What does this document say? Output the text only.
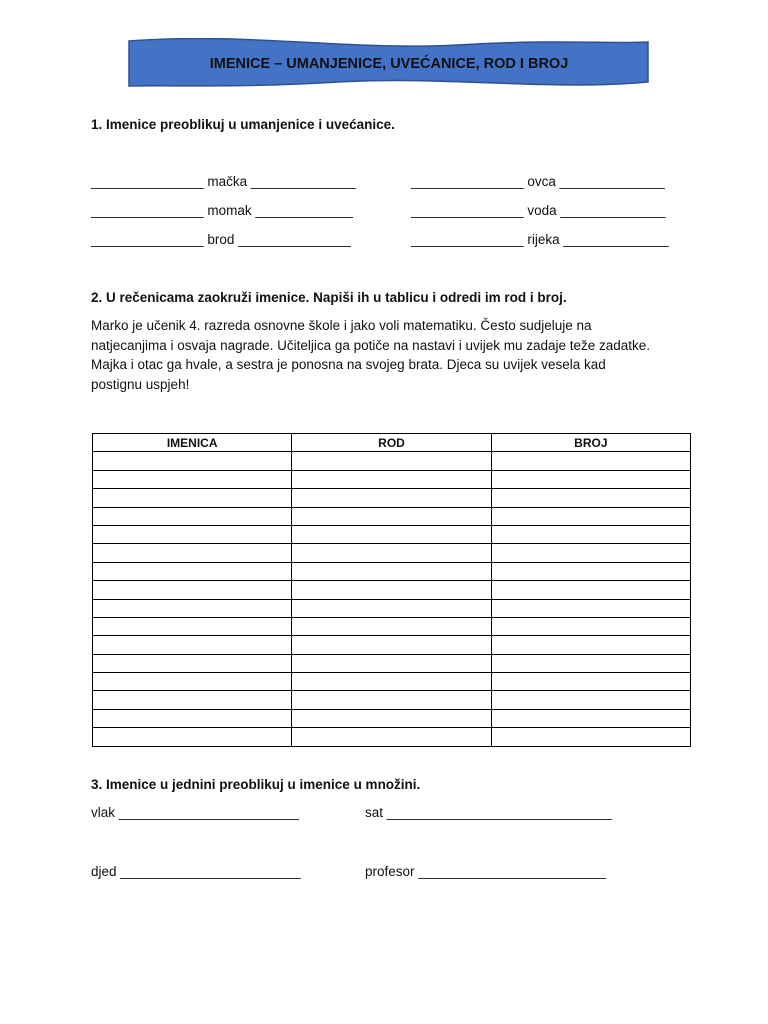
IMENICE – UMANJENICE, UVEĆANICE, ROD I BROJ
1. Imenice preoblikuj u umanjenice i uvećanice.
_______________ mačka ______________
_______________ momak _____________
_______________ brod _______________
_______________ ovca ______________
_______________ voda ______________
_______________ rijeka ______________
2. U rečenicama zaokruži imenice. Napiši ih u tablicu i odredi im rod i broj.
Marko je učenik 4. razreda osnovne škole i jako voli matematiku. Često sudjeluje na
natjecanjima i osvaja nagrade. Učiteljica ga potiče na nastavi i uvijek mu zadaje teže zadatke.
Majka i otac ga hvale, a sestra je ponosna na svojeg brata. Djeca su uvijek vesela kad
postignu uspjeh!
IMENICA	ROD	BROJ

3. Imenice u jednini preoblikuj u imenice u množini.
vlak ________________________	sat ______________________________
djed ________________________	profesor _________________________
